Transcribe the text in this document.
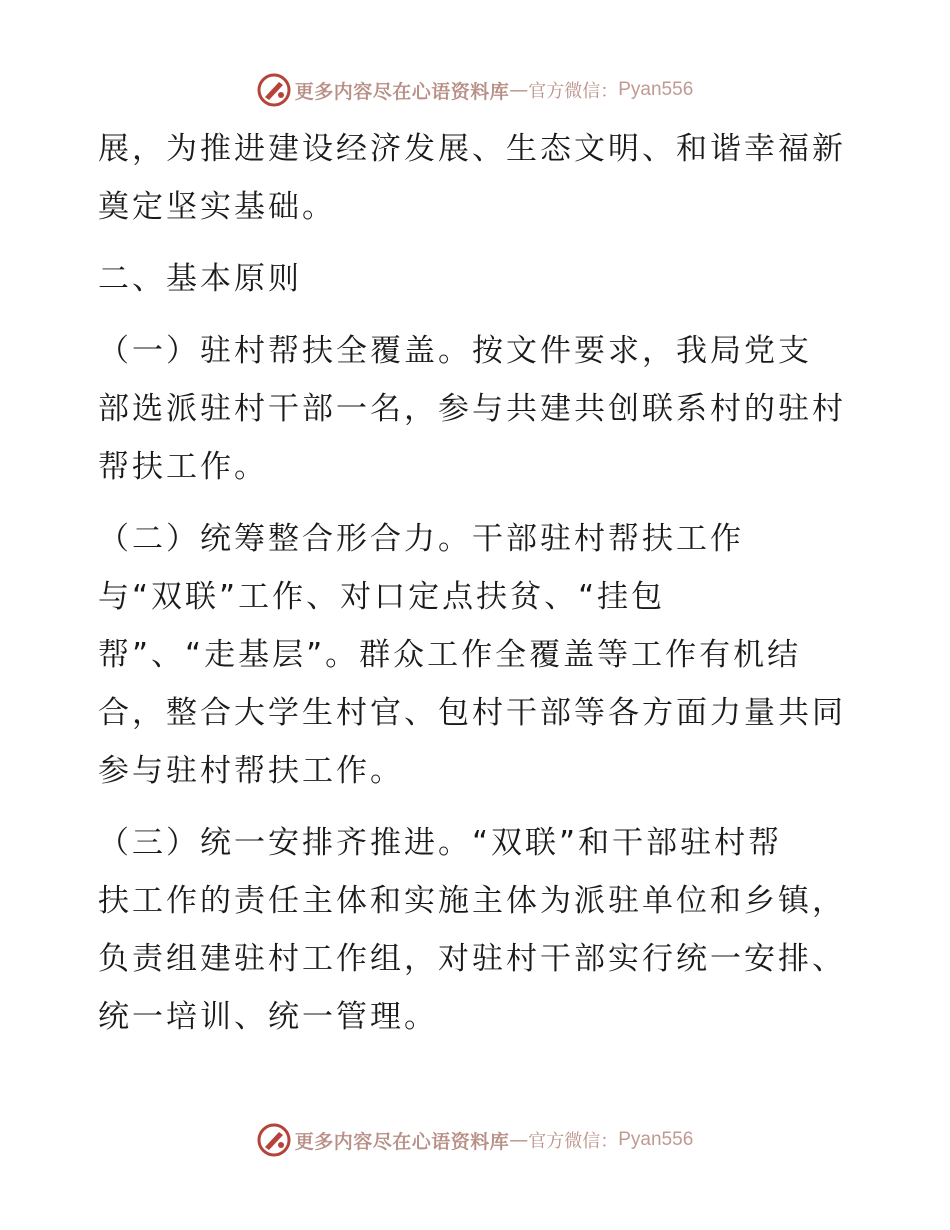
更多内容尽在心语资料库 — 官方微信： Pyan556
展，为推进建设经济发展、生态文明、和谐幸福新
奠定坚实基础。
二、基本原则
（一）驻村帮扶全覆盖。按文件要求，我局党支
部选派驻村干部一名，参与共建共创联系村的驻村
帮扶工作。
（二）统筹整合形合力。干部驻村帮扶工作
与“双联”工作、对口定点扶贫、“挂包
帮”、“走基层”。群众工作全覆盖等工作有机结
合，整合大学生村官、包村干部等各方面力量共同
参与驻村帮扶工作。
（三）统一安排齐推进。“双联”和干部驻村帮
扶工作的责任主体和实施主体为派驻单位和乡镇，
负责组建驻村工作组，对驻村干部实行统一安排、
统一培训、统一管理。
更多内容尽在心语资料库 — 官方微信： Pyan556
